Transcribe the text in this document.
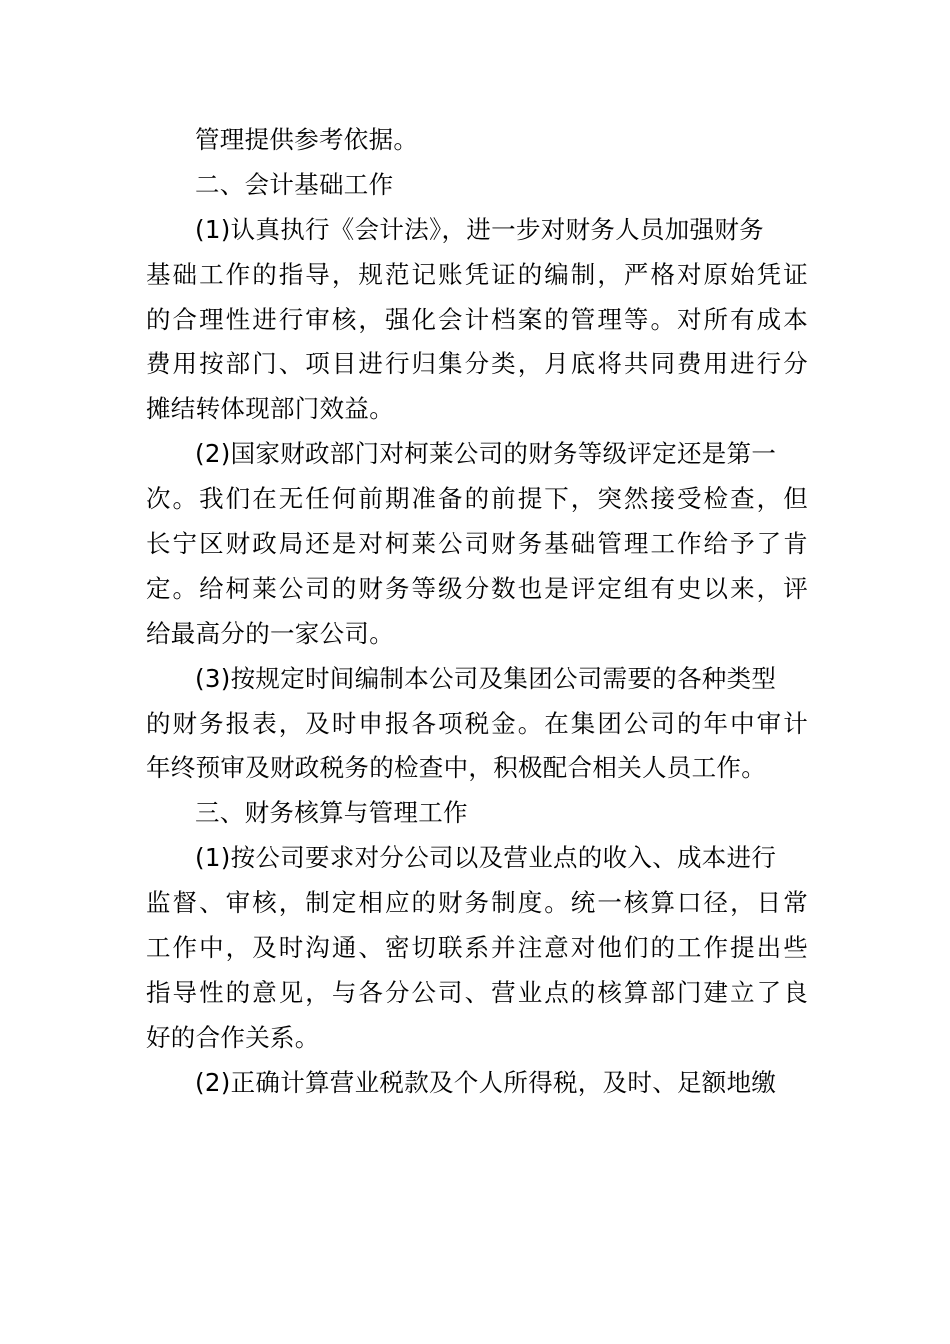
管理提供参考依据。
二、会计基础工作
(1)认真执行《会计法》，进一步对财务人员加强财务
基础工作的指导，规范记账凭证的编制，严格对原始凭证
的合理性进行审核，强化会计档案的管理等。对所有成本
费用按部门、项目进行归集分类，月底将共同费用进行分
摊结转体现部门效益。
(2)国家财政部门对柯莱公司的财务等级评定还是第一
次。我们在无任何前期准备的前提下，突然接受检查，但
长宁区财政局还是对柯莱公司财务基础管理工作给予了肯
定。给柯莱公司的财务等级分数也是评定组有史以来，评
给最高分的一家公司。
(3)按规定时间编制本公司及集团公司需要的各种类型
的财务报表，及时申报各项税金。在集团公司的年中审计
年终预审及财政税务的检查中，积极配合相关人员工作。
三、财务核算与管理工作
(1)按公司要求对分公司以及营业点的收入、成本进行
监督、审核，制定相应的财务制度。统一核算口径，日常
工作中，及时沟通、密切联系并注意对他们的工作提出些
指导性的意见，与各分公司、营业点的核算部门建立了良
好的合作关系。
(2)正确计算营业税款及个人所得税，及时、足额地缴
